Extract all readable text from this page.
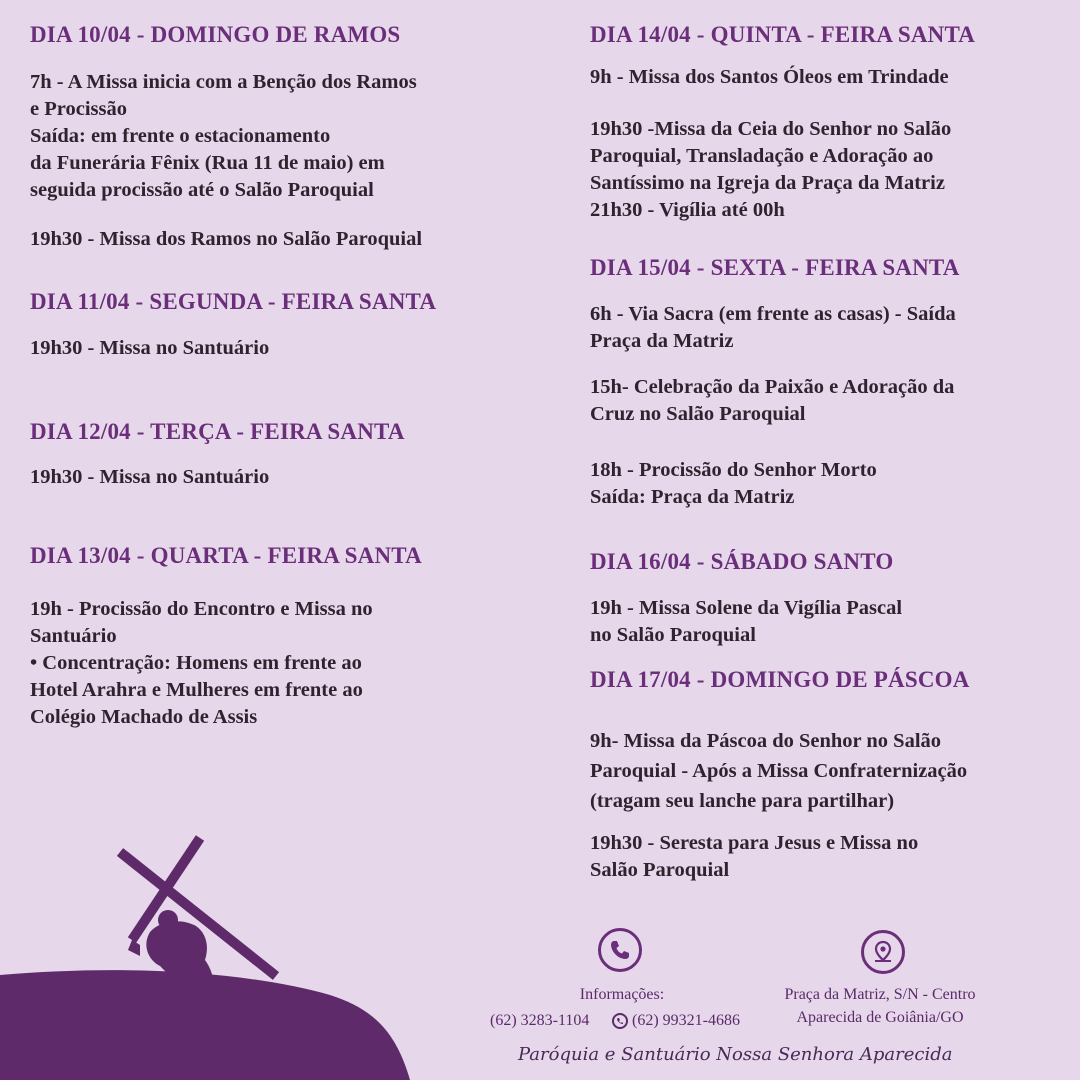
DIA 10/04 - DOMINGO DE RAMOS

7h - A Missa inicia com a Benção dos Ramos
e Procissão
Saída: em frente o estacionamento
da Funerária Fênix (Rua 11 de maio) em
seguida procissão até o Salão Paroquial

19h30 - Missa dos Ramos no Salão Paroquial

DIA 11/04 - SEGUNDA - FEIRA SANTA

19h30 - Missa no Santuário

DIA 12/04 - TERÇA - FEIRA SANTA

19h30 - Missa no Santuário

DIA 13/04 - QUARTA - FEIRA SANTA

19h - Procissão do Encontro e Missa no
Santuário
• Concentração: Homens em frente ao
Hotel Arahra e Mulheres em frente ao
Colégio Machado de Assis

DIA 14/04 - QUINTA - FEIRA SANTA

9h - Missa dos Santos Óleos em Trindade

19h30 -Missa da Ceia do Senhor no Salão
Paroquial, Transladação e Adoração ao
Santíssimo na Igreja da Praça da Matriz
21h30 - Vigília até 00h

DIA 15/04 - SEXTA - FEIRA SANTA

6h - Via Sacra (em frente as casas) - Saída
Praça da Matriz

15h- Celebração da Paixão e Adoração da
Cruz no Salão Paroquial

18h - Procissão do Senhor Morto
Saída: Praça da Matriz

DIA 16/04 - SÁBADO SANTO

19h - Missa Solene da Vigília Pascal
no Salão Paroquial

DIA 17/04 - DOMINGO DE PÁSCOA

9h- Missa da Páscoa do Senhor no Salão
Paroquial - Após a Missa Confraternização
(tragam seu lanche para partilhar)

19h30 - Seresta para Jesus e Missa no
Salão Paroquial

Informações:

(62) 3283-1104	(62) 99321-4686

Praça da Matriz, S/N - Centro

Aparecida de Goiânia/GO

Paróquia e Santuário Nossa Senhora Aparecida
